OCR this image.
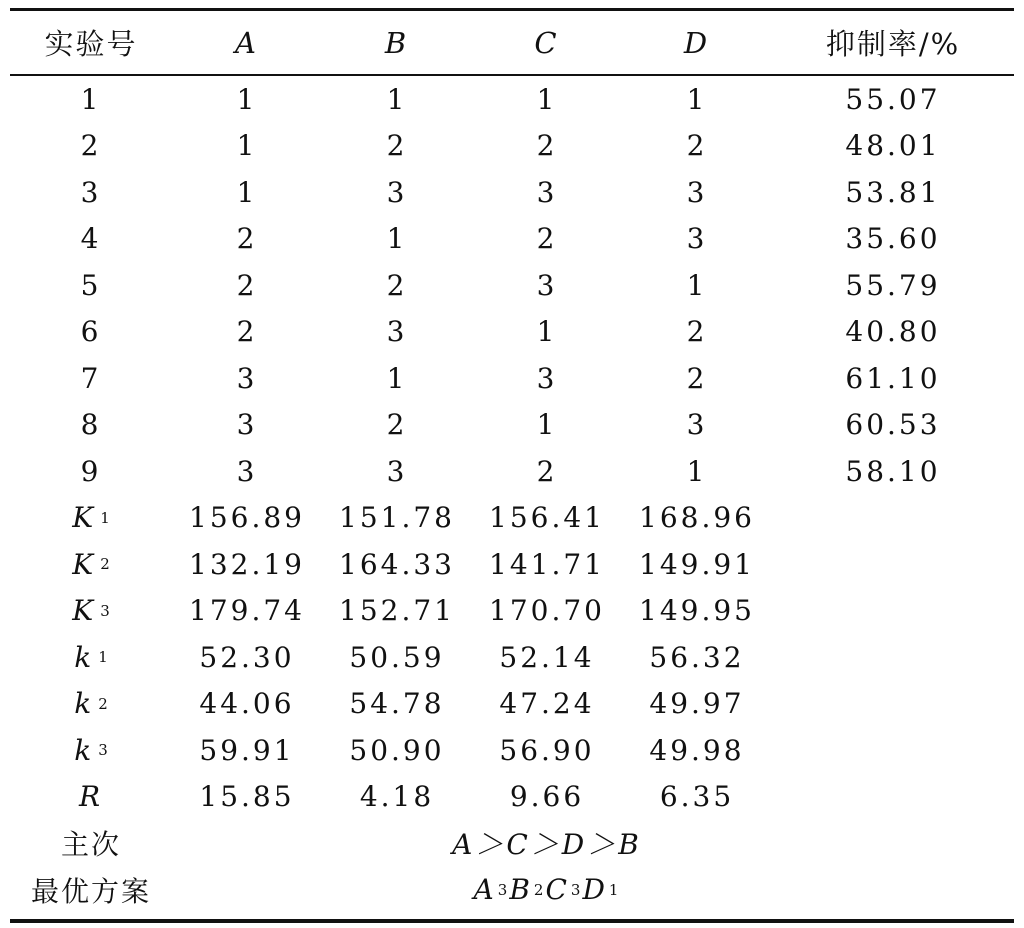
实验号	A	B	C	D	抑制率/%
1	1	1	1	1	55.07
2	1	2	2	2	48.01
3	1	3	3	3	53.81
4	2	1	2	3	35.60
5	2	2	3	1	55.79
6	2	3	1	2	40.80
7	3	1	3	2	61.10
8	3	2	1	3	60.53
9	3	3	2	1	58.10
K 1	156.89	151.78	156.41	168.96
K 2	132.19	164.33	141.71	149.91
K 3	179.74	152.71	170.70	149.95
k 1	52.30	50.59	52.14	56.32
k 2	44.06	54.78	47.24	49.97
k 3	59.91	50.90	56.90	49.98
R	15.85	4.18	9.66	6.35
主次	A＞C＞D＞B
最优方案	A 3 B 2 C 3 D 1
